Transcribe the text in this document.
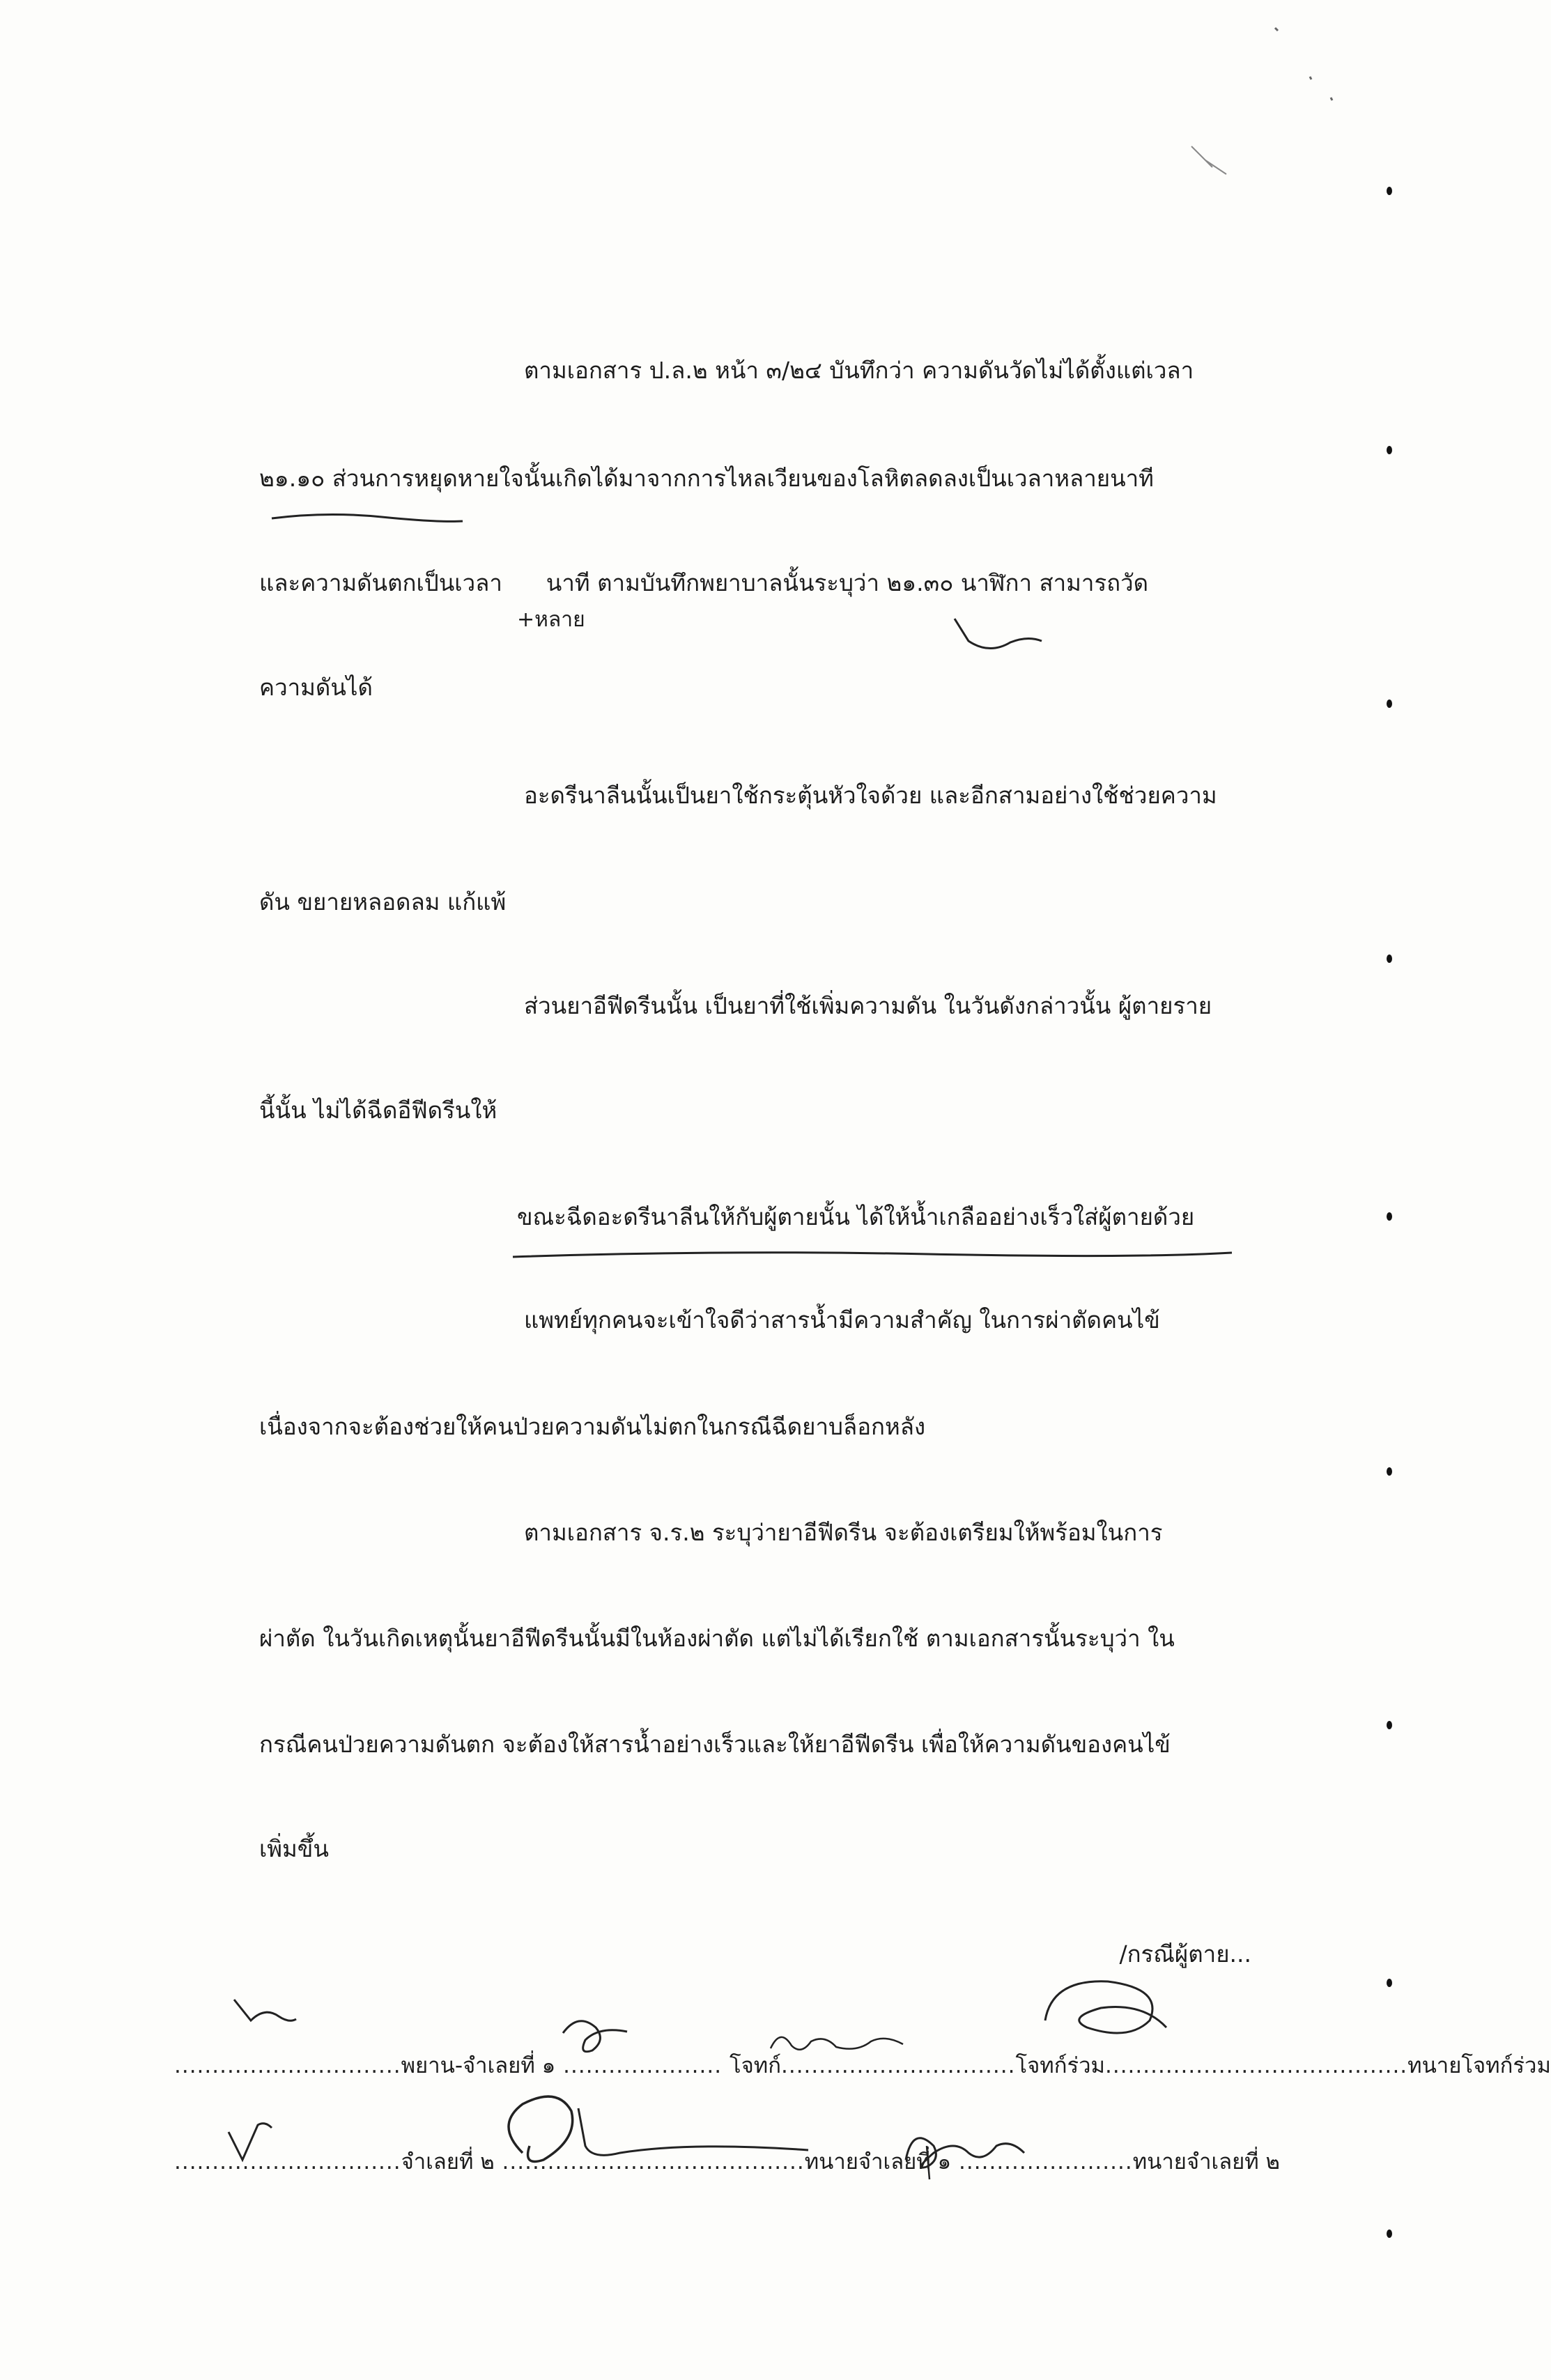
ตามเอกสาร ป.ล.๒ หน้า ๓/๒๔ บันทึกว่า ความดันวัดไม่ได้ตั้งแต่เวลา
๒๑.๑๐ ส่วนการหยุดหายใจนั้นเกิดได้มาจากการไหลเวียนของโลหิตลดลงเป็นเวลาหลายนาที
และความดันตกเป็นเวลา      นาที ตามบันทึกพยาบาลนั้นระบุว่า ๒๑.๓๐ นาฬิกา สามารถวัด
+หลาย
ความดันได้
อะดรีนาลีนนั้นเป็นยาใช้กระตุ้นหัวใจด้วย และอีกสามอย่างใช้ช่วยความ
ดัน ขยายหลอดลม แก้แพ้
ส่วนยาอีฟีดรีนนั้น เป็นยาที่ใช้เพิ่มความดัน ในวันดังกล่าวนั้น ผู้ตายราย
นี้นั้น ไม่ได้ฉีดอีฟีดรีนให้
ขณะฉีดอะดรีนาลีนให้กับผู้ตายนั้น ได้ให้น้ำเกลืออย่างเร็วใส่ผู้ตายด้วย
แพทย์ทุกคนจะเข้าใจดีว่าสารน้ำมีความสำคัญ ในการผ่าตัดคนไข้
เนื่องจากจะต้องช่วยให้คนป่วยความดันไม่ตกในกรณีฉีดยาบล็อกหลัง
ตามเอกสาร จ.ร.๒ ระบุว่ายาอีฟีดรีน จะต้องเตรียมให้พร้อมในการ
ผ่าตัด ในวันเกิดเหตุนั้นยาอีฟีดรีนนั้นมีในห้องผ่าตัด แต่ไม่ได้เรียกใช้ ตามเอกสารนั้นระบุว่า ใน
กรณีคนป่วยความดันตก จะต้องให้สารน้ำอย่างเร็วและให้ยาอีฟีดรีน เพื่อให้ความดันของคนไข้
เพิ่มขึ้น
/กรณีผู้ตาย...
..............................พยาน-จำเลยที่ ๑ ..................... โจทก์...............................โจทก์ร่วม........................................ทนายโจทก์ร่วม
..............................จำเลยที่ ๒ ........................................ทนายจำเลยที่ ๑ .......................ทนายจำเลยที่ ๒
